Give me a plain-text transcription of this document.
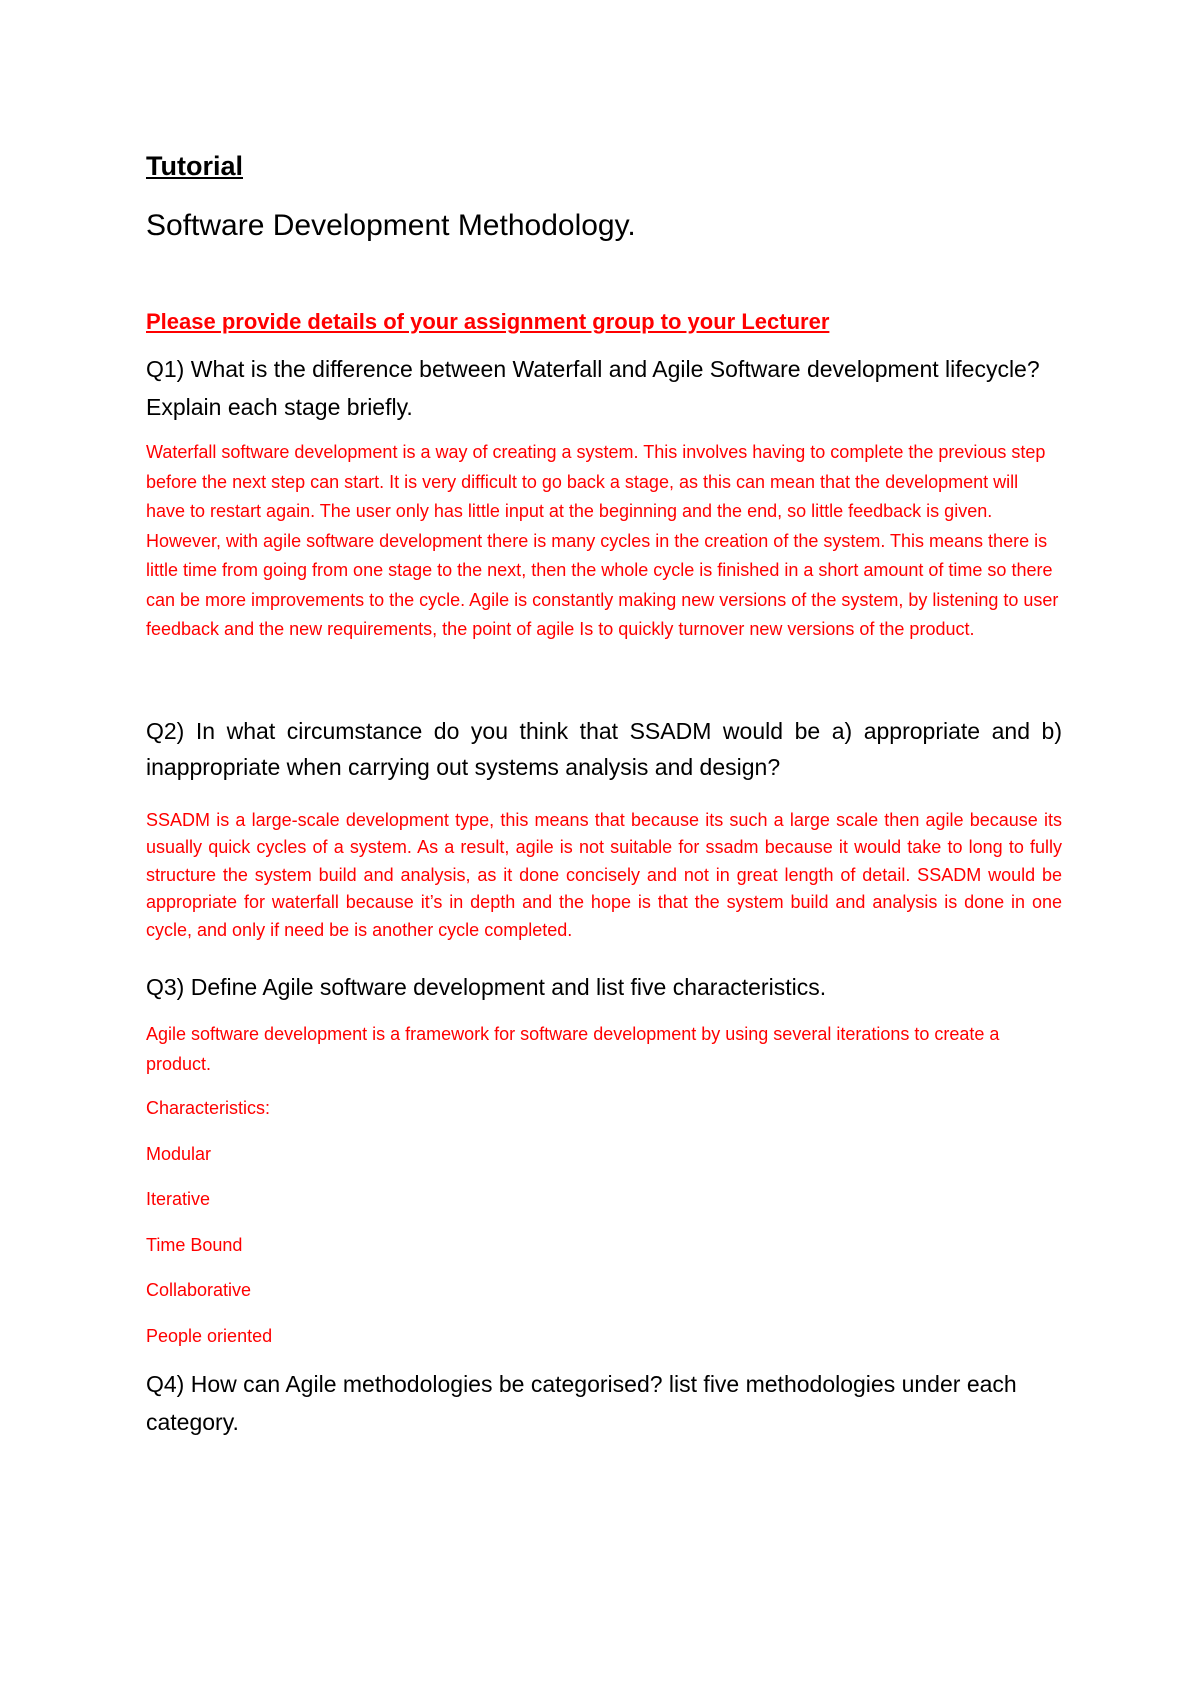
Tutorial
Software Development Methodology.
Please provide details of your assignment group to your Lecturer
Q1) What is the difference between Waterfall and Agile Software development lifecycle? Explain each stage briefly.

Waterfall software development is a way of creating a system. This involves having to complete the previous step before the next step can start. It is very difficult to go back a stage, as this can mean that the development will have to restart again. The user only has little input at the beginning and the end, so little feedback is given. However, with agile software development there is many cycles in the creation of the system. This means there is little time from going from one stage to the next, then the whole cycle is finished in a short amount of time so there can be more improvements to the cycle. Agile is constantly making new versions of the system, by listening to user feedback and the new requirements, the point of agile Is to quickly turnover new versions of the product.

Q2) In what circumstance do you think that SSADM would be a) appropriate and b) inappropriate when carrying out systems analysis and design?

SSADM is a large-scale development type, this means that because its such a large scale then agile because its usually quick cycles of a system. As a result, agile is not suitable for ssadm because it would take to long to fully structure the system build and analysis, as it done concisely and not in great length of detail. SSADM would be appropriate for waterfall because it’s in depth and the hope is that the system build and analysis is done in one cycle, and only if need be is another cycle completed.

Q3) Define Agile software development and list five characteristics.

Agile software development is a framework for software development by using several iterations to create a product.

Characteristics:

Modular
Iterative
Time Bound
Collaborative
People oriented
Q4) How can Agile methodologies be categorised? list five methodologies under each category.
